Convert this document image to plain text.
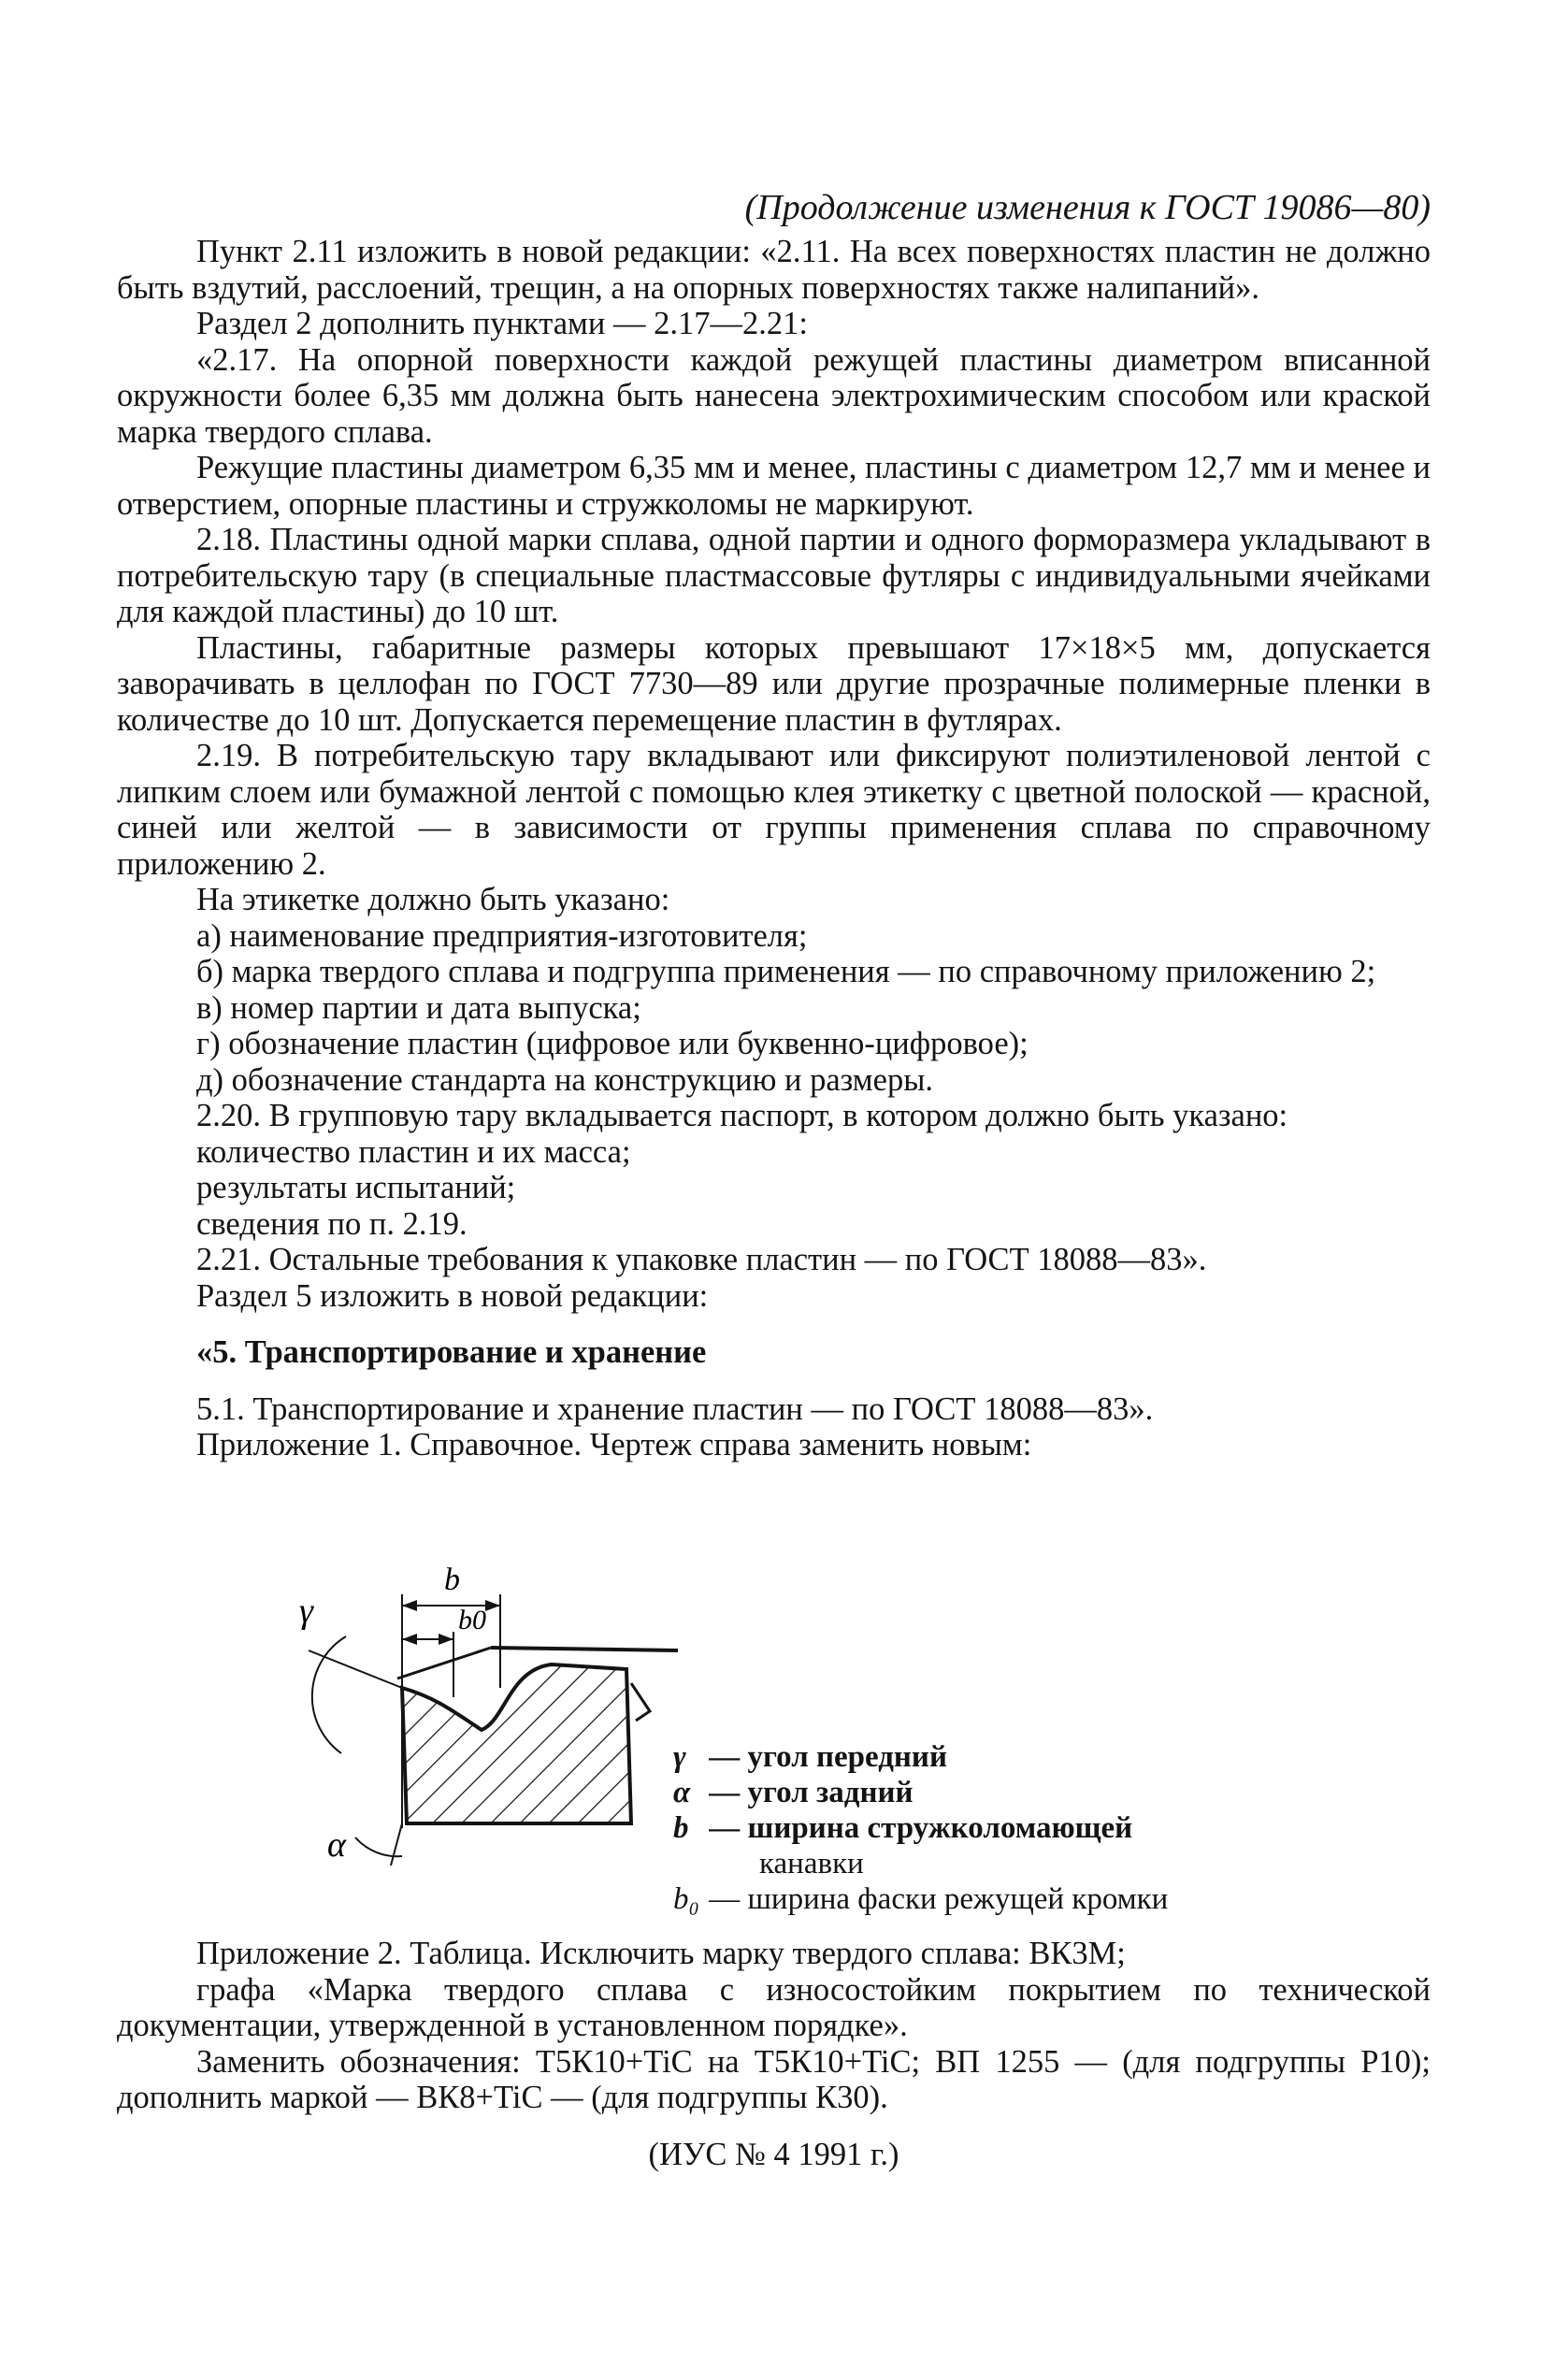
(Продолжение изменения к ГОСТ 19086—80)

Пункт 2.11 изложить в новой редакции: «2.11. На всех поверхностях пластин не должно быть вздутий, расслоений, трещин, а на опорных поверхностях также налипаний».

Раздел 2 дополнить пунктами — 2.17—2.21:

«2.17. На опорной поверхности каждой режущей пластины диаметром вписанной окружности более 6,35 мм должна быть нанесена электрохимическим способом или краской марка твердого сплава.

Режущие пластины диаметром 6,35 мм и менее, пластины с диаметром 12,7 мм и менее и отверстием, опорные пластины и стружколомы не маркируют.

2.18. Пластины одной марки сплава, одной партии и одного форморазмера укладывают в потребительскую тару (в специальные пластмассовые футляры с индивидуальными ячейками для каждой пластины) до 10 шт.

Пластины, габаритные размеры которых превышают 17×18×5 мм, допускается заворачивать в целлофан по ГОСТ 7730—89 или другие прозрачные полимерные пленки в количестве до 10 шт. Допускается перемещение пластин в футлярах.

2.19. В потребительскую тару вкладывают или фиксируют полиэтиленовой лентой с липким слоем или бумажной лентой с помощью клея этикетку с цветной полоской — красной, синей или желтой — в зависимости от группы применения сплава по справочному приложению 2.

На этикетке должно быть указано:

а) наименование предприятия-изготовителя;

б) марка твердого сплава и подгруппа применения — по справочному приложению 2;

в) номер партии и дата выпуска;

г) обозначение пластин (цифровое или буквенно-цифровое);

д) обозначение стандарта на конструкцию и размеры.

2.20. В групповую тару вкладывается паспорт, в котором должно быть указано:

количество пластин и их масса;

результаты испытаний;

сведения по п. 2.19.

2.21. Остальные требования к упаковке пластин — по ГОСТ 18088—83».

Раздел 5 изложить в новой редакции:

«5. Транспортирование и хранение

5.1. Транспортирование и хранение пластин — по ГОСТ 18088—83».

Приложение 1. Справочное. Чертеж справа заменить новым:

b
b0
γ
α
γ — угол передний
α — угол задний
b — ширина стружколомающей
канавки
b₀ — ширина фаски режущей кромки

Приложение 2. Таблица. Исключить марку твердого сплава: ВК3М;

графа «Марка твердого сплава с износостойким покрытием по технической документации, утвержденной в установленном порядке».

Заменить обозначения: Т5К10+TiC на Т5К10+TiC; ВП 1255 — (для подгруппы Р10); дополнить маркой — ВК8+TiC — (для подгруппы К30).

(ИУС № 4 1991 г.)
